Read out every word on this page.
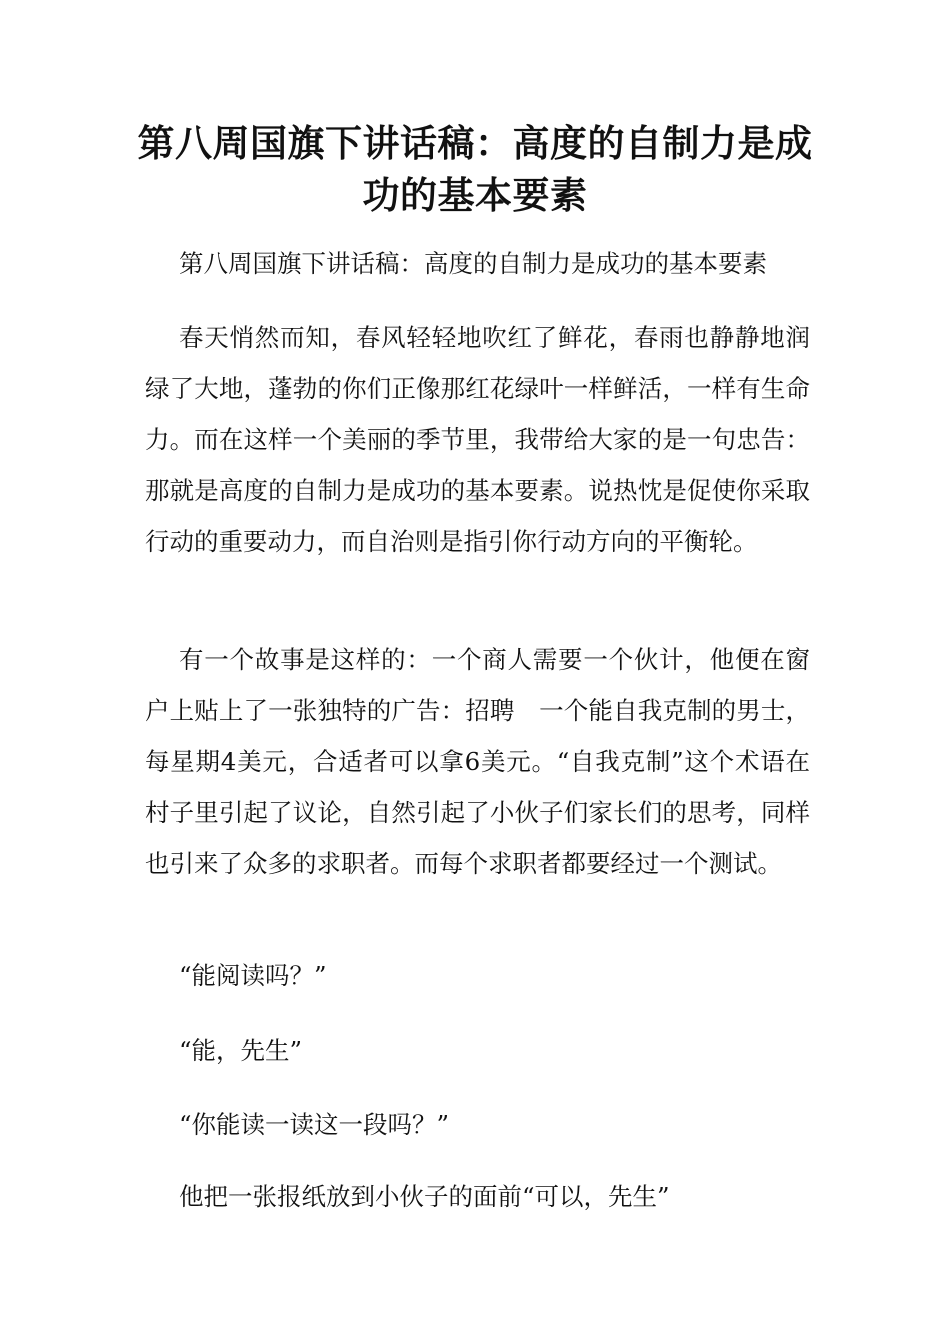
第八周国旗下讲话稿：高度的自制力是成功的基本要素

第八周国旗下讲话稿：高度的自制力是成功的基本要素

春天悄然而知，春风轻轻地吹红了鲜花，春雨也静静地润绿了大地，蓬勃的你们正像那红花绿叶一样鲜活，一样有生命力。而在这样一个美丽的季节里，我带给大家的是一句忠告：那就是高度的自制力是成功的基本要素。说热忱是促使你采取行动的重要动力，而自治则是指引你行动方向的平衡轮。

有一个故事是这样的：一个商人需要一个伙计，他便在窗户上贴上了一张独特的广告：招聘　一个能自我克制的男士，每星期4美元，合适者可以拿6美元。“自我克制”这个术语在村子里引起了议论，自然引起了小伙子们家长们的思考，同样也引来了众多的求职者。而每个求职者都要经过一个测试。

“能阅读吗？”

“能，先生”

“你能读一读这一段吗？”

他把一张报纸放到小伙子的面前“可以，先生”
